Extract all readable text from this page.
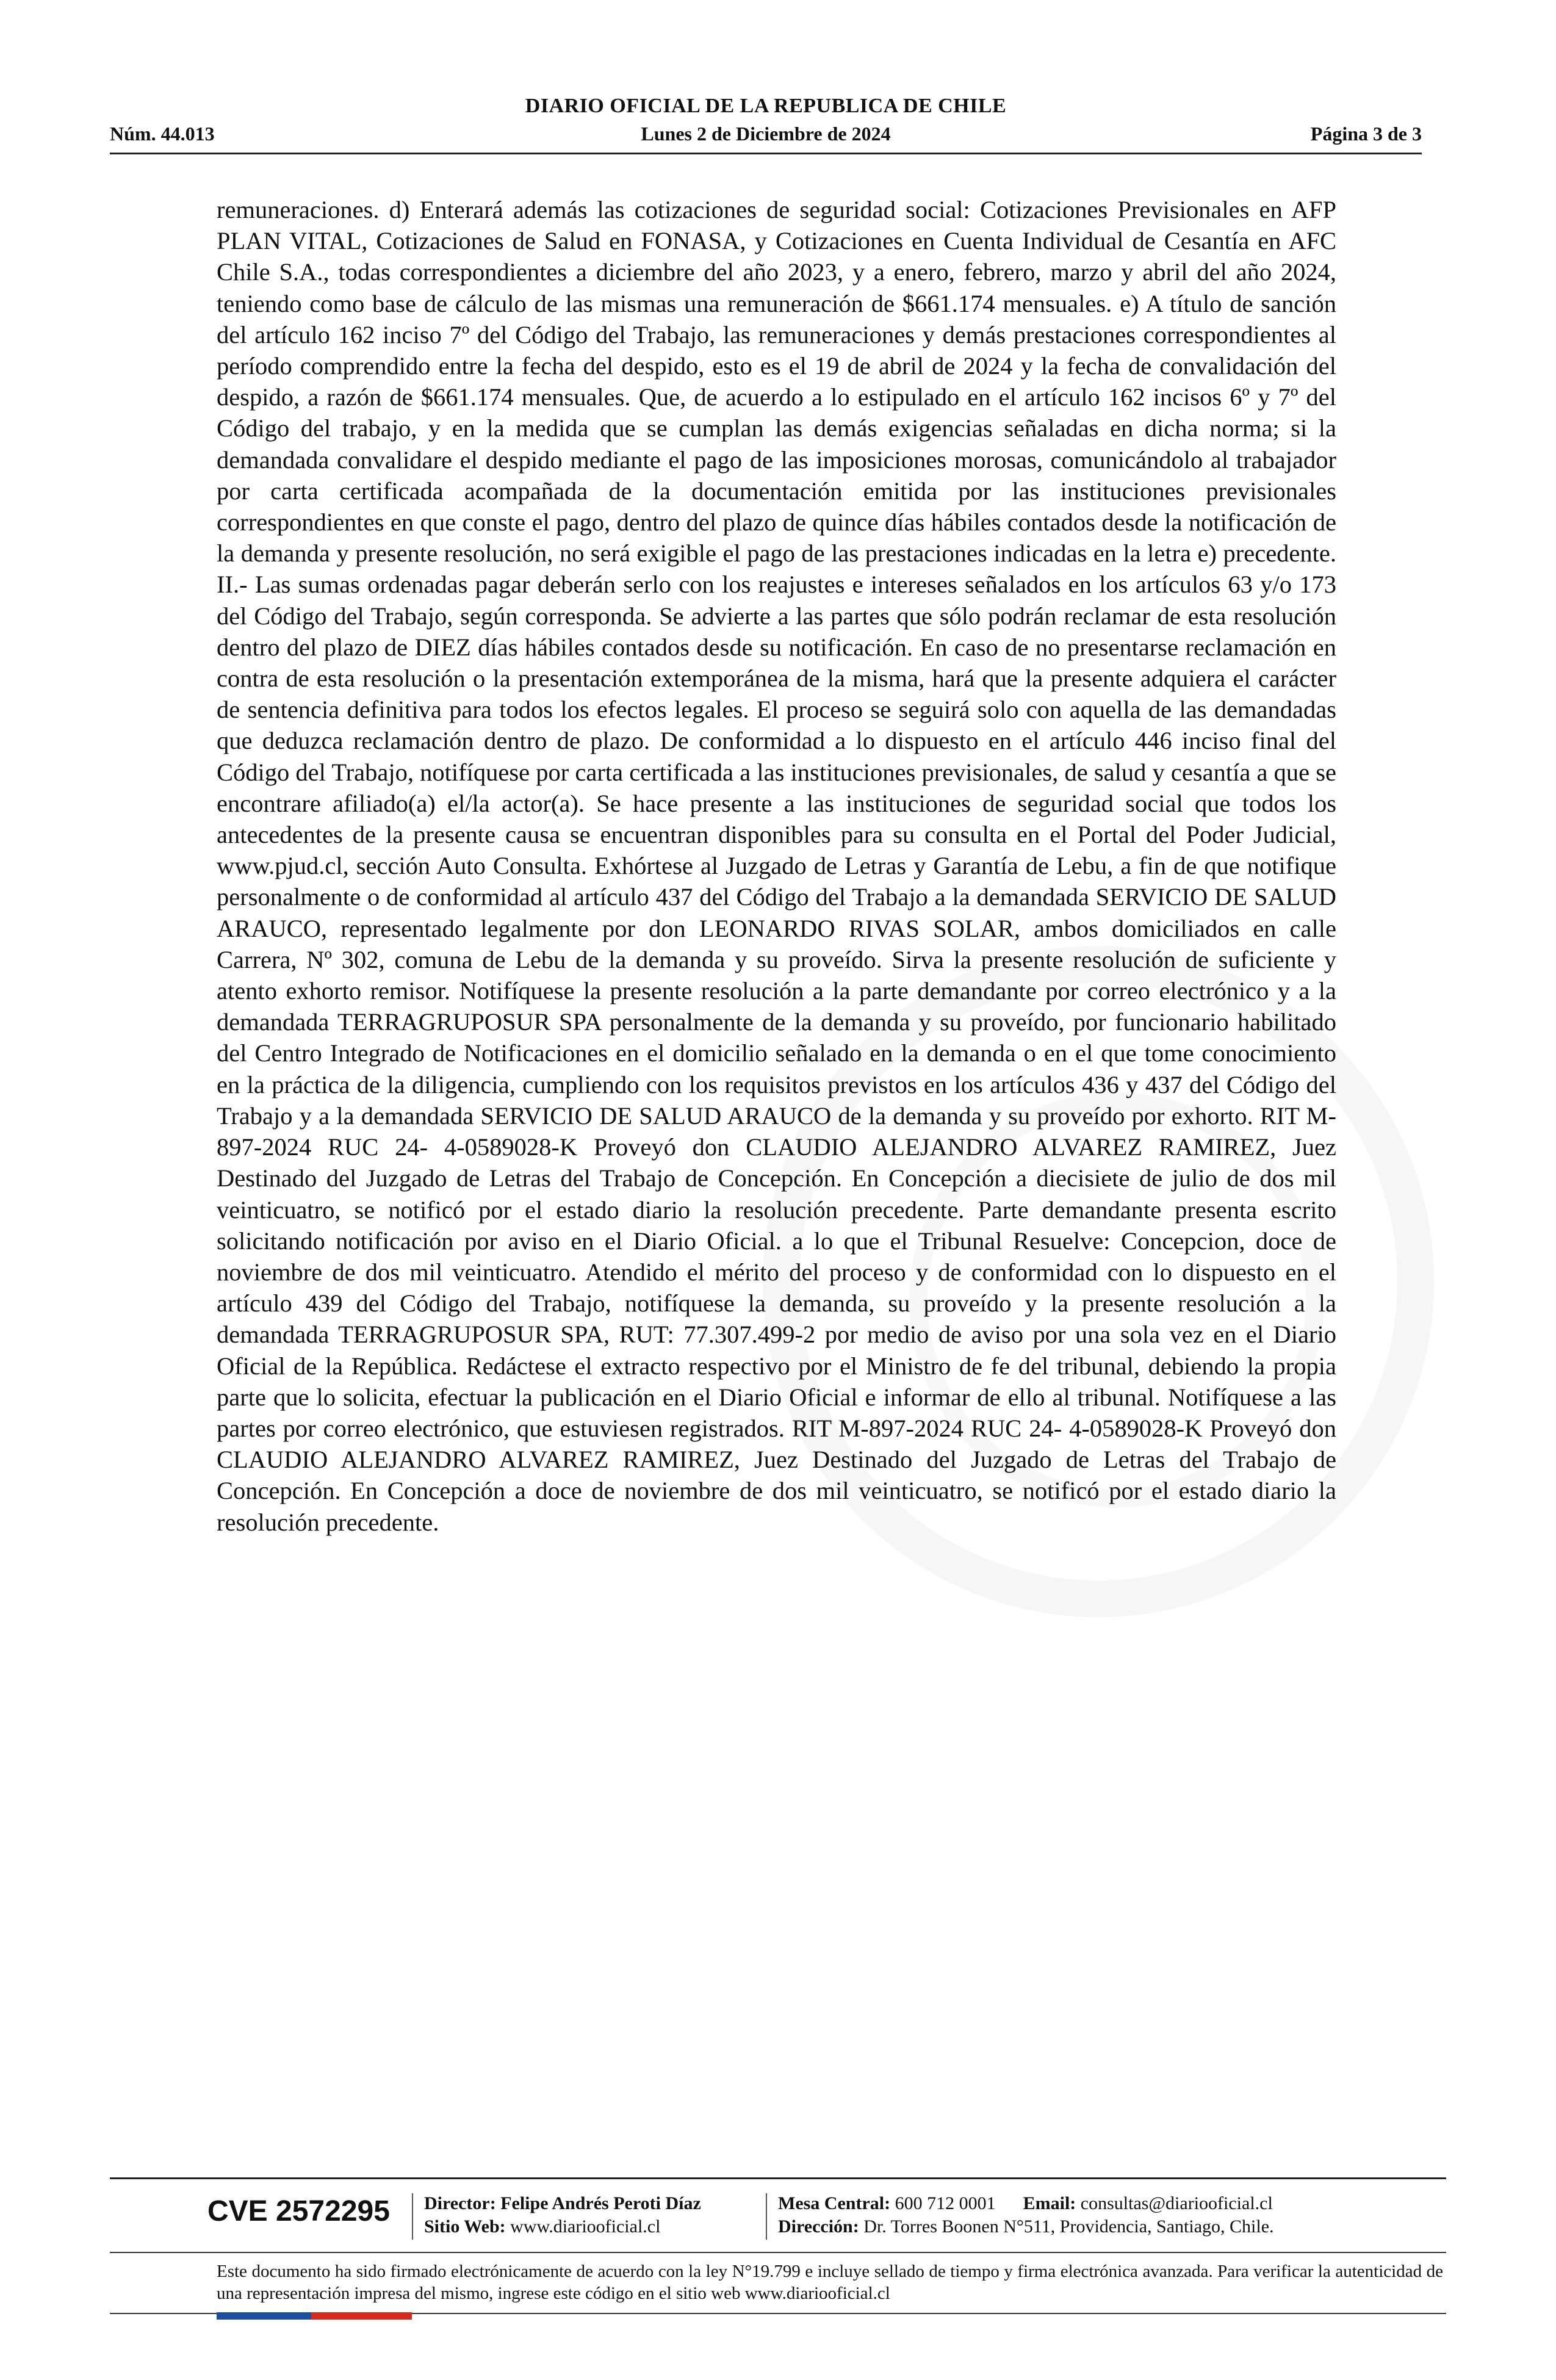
DIARIO OFICIAL DE LA REPUBLICA DE CHILE
Núm. 44.013	Lunes 2 de Diciembre de 2024	Página 3 de 3

remuneraciones. d) Enterará además las cotizaciones de seguridad social: Cotizaciones Previsionales en AFP PLAN VITAL, Cotizaciones de Salud en FONASA, y Cotizaciones en Cuenta Individual de Cesantía en AFC Chile S.A., todas correspondientes a diciembre del año 2023, y a enero, febrero, marzo y abril del año 2024, teniendo como base de cálculo de las mismas una remuneración de $661.174 mensuales. e) A título de sanción del artículo 162 inciso 7º del Código del Trabajo, las remuneraciones y demás prestaciones correspondientes al período comprendido entre la fecha del despido, esto es el 19 de abril de 2024 y la fecha de convalidación del despido, a razón de $661.174 mensuales. Que, de acuerdo a lo estipulado en el artículo 162 incisos 6º y 7º del Código del trabajo, y en la medida que se cumplan las demás exigencias señaladas en dicha norma; si la demandada convalidare el despido mediante el pago de las imposiciones morosas, comunicándolo al trabajador por carta certificada acompañada de la documentación emitida por las instituciones previsionales correspondientes en que conste el pago, dentro del plazo de quince días hábiles contados desde la notificación de la demanda y presente resolución, no será exigible el pago de las prestaciones indicadas en la letra e) precedente. II.- Las sumas ordenadas pagar deberán serlo con los reajustes e intereses señalados en los artículos 63 y/o 173 del Código del Trabajo, según corresponda. Se advierte a las partes que sólo podrán reclamar de esta resolución dentro del plazo de DIEZ días hábiles contados desde su notificación. En caso de no presentarse reclamación en contra de esta resolución o la presentación extemporánea de la misma, hará que la presente adquiera el carácter de sentencia definitiva para todos los efectos legales. El proceso se seguirá solo con aquella de las demandadas que deduzca reclamación dentro de plazo. De conformidad a lo dispuesto en el artículo 446 inciso final del Código del Trabajo, notifíquese por carta certificada a las instituciones previsionales, de salud y cesantía a que se encontrare afiliado(a) el/la actor(a). Se hace presente a las instituciones de seguridad social que todos los antecedentes de la presente causa se encuentran disponibles para su consulta en el Portal del Poder Judicial, www.pjud.cl, sección Auto Consulta. Exhórtese al Juzgado de Letras y Garantía de Lebu, a fin de que notifique personalmente o de conformidad al artículo 437 del Código del Trabajo a la demandada SERVICIO DE SALUD ARAUCO, representado legalmente por don LEONARDO RIVAS SOLAR, ambos domiciliados en calle Carrera, Nº 302, comuna de Lebu de la demanda y su proveído. Sirva la presente resolución de suficiente y atento exhorto remisor. Notifíquese la presente resolución a la parte demandante por correo electrónico y a la demandada TERRAGRUPOSUR SPA personalmente de la demanda y su proveído, por funcionario habilitado del Centro Integrado de Notificaciones en el domicilio señalado en la demanda o en el que tome conocimiento en la práctica de la diligencia, cumpliendo con los requisitos previstos en los artículos 436 y 437 del Código del Trabajo y a la demandada SERVICIO DE SALUD ARAUCO de la demanda y su proveído por exhorto. RIT M-897-2024 RUC 24- 4-0589028-K Proveyó don CLAUDIO ALEJANDRO ALVAREZ RAMIREZ, Juez Destinado del Juzgado de Letras del Trabajo de Concepción. En Concepción a diecisiete de julio de dos mil veinticuatro, se notificó por el estado diario la resolución precedente. Parte demandante presenta escrito solicitando notificación por aviso en el Diario Oficial. a lo que el Tribunal Resuelve: Concepcion, doce de noviembre de dos mil veinticuatro. Atendido el mérito del proceso y de conformidad con lo dispuesto en el artículo 439 del Código del Trabajo, notifíquese la demanda, su proveído y la presente resolución a la demandada TERRAGRUPOSUR SPA, RUT: 77.307.499-2 por medio de aviso por una sola vez en el Diario Oficial de la República. Redáctese el extracto respectivo por el Ministro de fe del tribunal, debiendo la propia parte que lo solicita, efectuar la publicación en el Diario Oficial e informar de ello al tribunal. Notifíquese a las partes por correo electrónico, que estuviesen registrados. RIT M-897-2024 RUC 24- 4-0589028-K Proveyó don CLAUDIO ALEJANDRO ALVAREZ RAMIREZ, Juez Destinado del Juzgado de Letras del Trabajo de Concepción. En Concepción a doce de noviembre de dos mil veinticuatro, se notificó por el estado diario la resolución precedente.

CVE 2572295 Director: Felipe Andrés Peroti Díaz
Sitio Web: www.diariooficial.cl
Mesa Central: 600 712 0001 Email: consultas@diariooficial.cl
Dirección: Dr. Torres Boonen N°511, Providencia, Santiago, Chile.
Este documento ha sido firmado electrónicamente de acuerdo con la ley N°19.799 e incluye sellado de tiempo y firma electrónica avanzada. Para verificar la autenticidad de una representación impresa del mismo, ingrese este código en el sitio web www.diariooficial.cl
